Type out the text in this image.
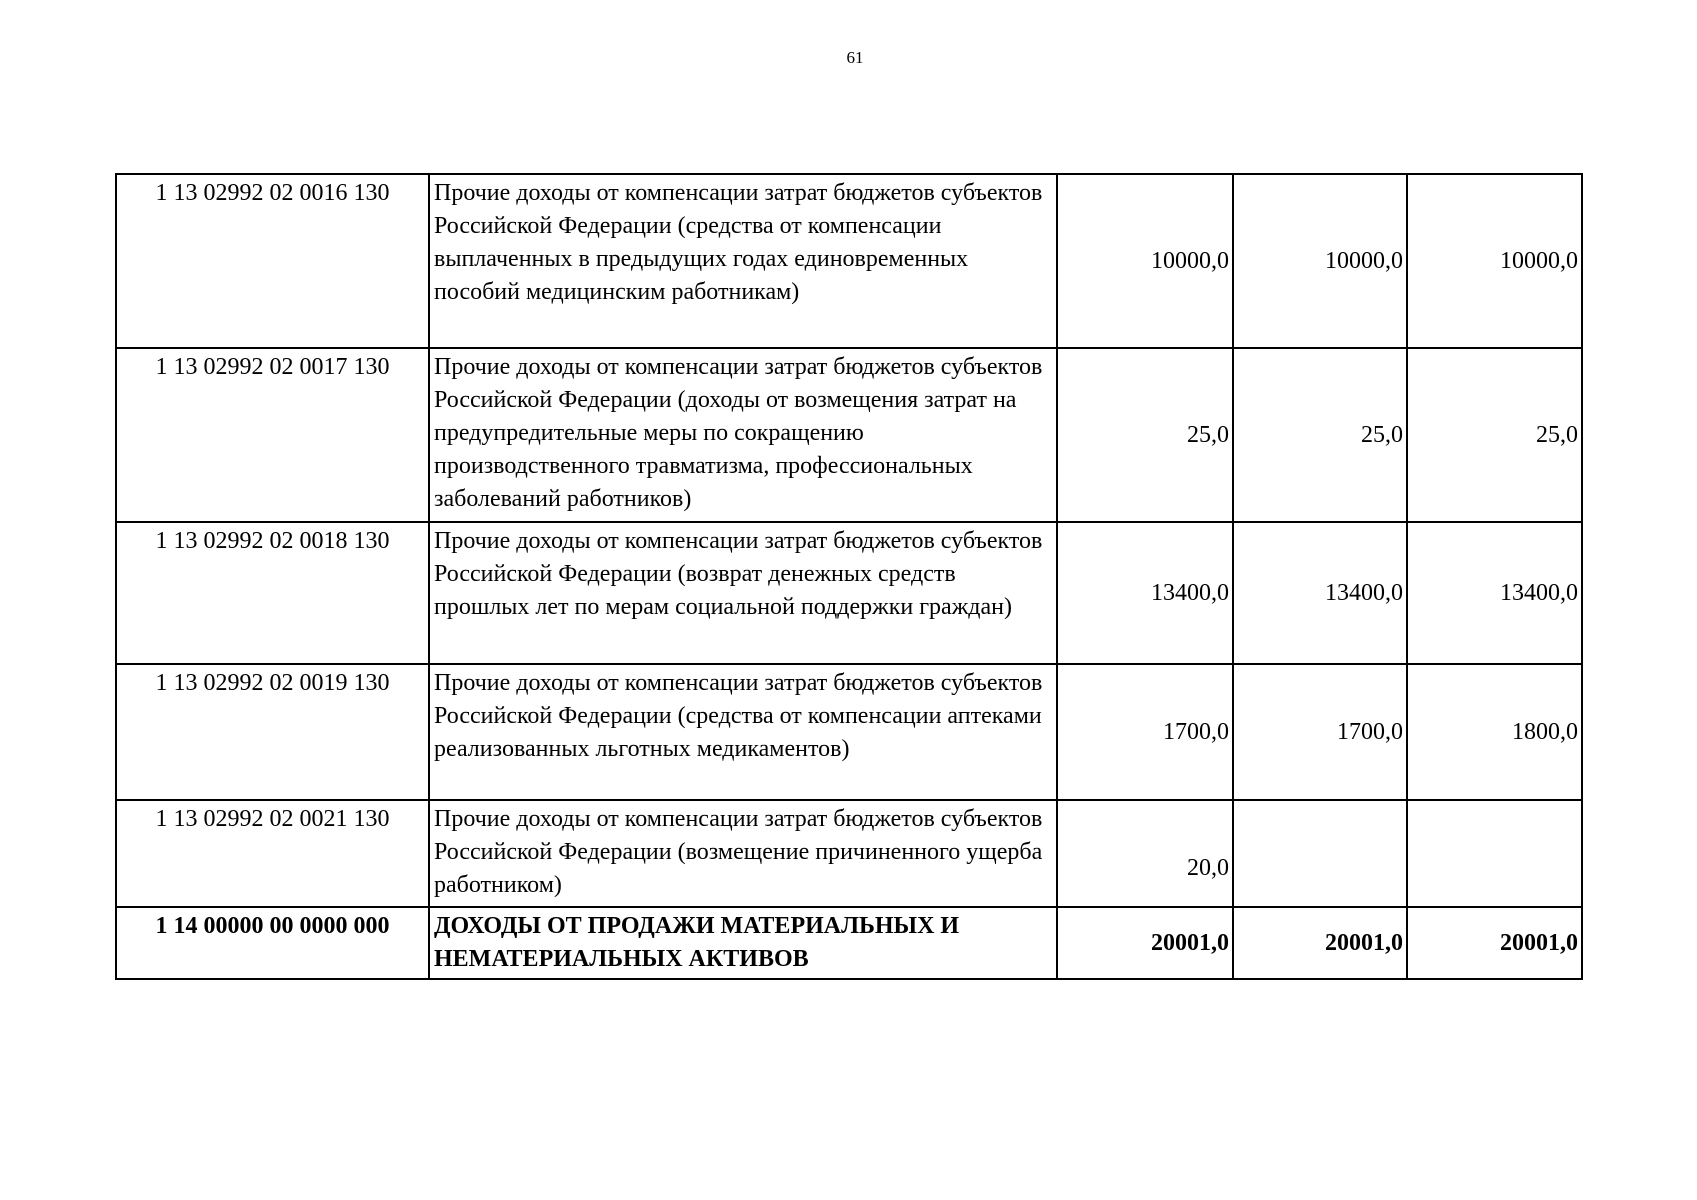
61
1 13 02992 02 0016 130	Прочие доходы от компенсации затрат бюджетов субъектов Российской Федерации (средства от компенсации выплаченных в предыдущих годах единовременных пособий медицинским работникам)	10000,0	10000,0	10000,0
1 13 02992 02 0017 130	Прочие доходы от компенсации затрат бюджетов субъектов Российской Федерации (доходы от возмещения затрат на предупредительные меры по сокращению производственного травматизма, профессиональных заболеваний работников)	25,0	25,0	25,0
1 13 02992 02 0018 130	Прочие доходы от компенсации затрат бюджетов субъектов Российской Федерации (возврат денежных средств прошлых лет по мерам социальной поддержки граждан)	13400,0	13400,0	13400,0
1 13 02992 02 0019 130	Прочие доходы от компенсации затрат бюджетов субъектов Российской Федерации (средства от компенсации аптеками реализованных льготных медикаментов)	1700,0	1700,0	1800,0
1 13 02992 02 0021 130	Прочие доходы от компенсации затрат бюджетов субъектов Российской Федерации (возмещение причиненного ущерба работником)	20,0		
1 14 00000 00 0000 000	ДОХОДЫ ОТ ПРОДАЖИ МАТЕРИАЛЬНЫХ И НЕМАТЕРИАЛЬНЫХ АКТИВОВ	20001,0	20001,0	20001,0
